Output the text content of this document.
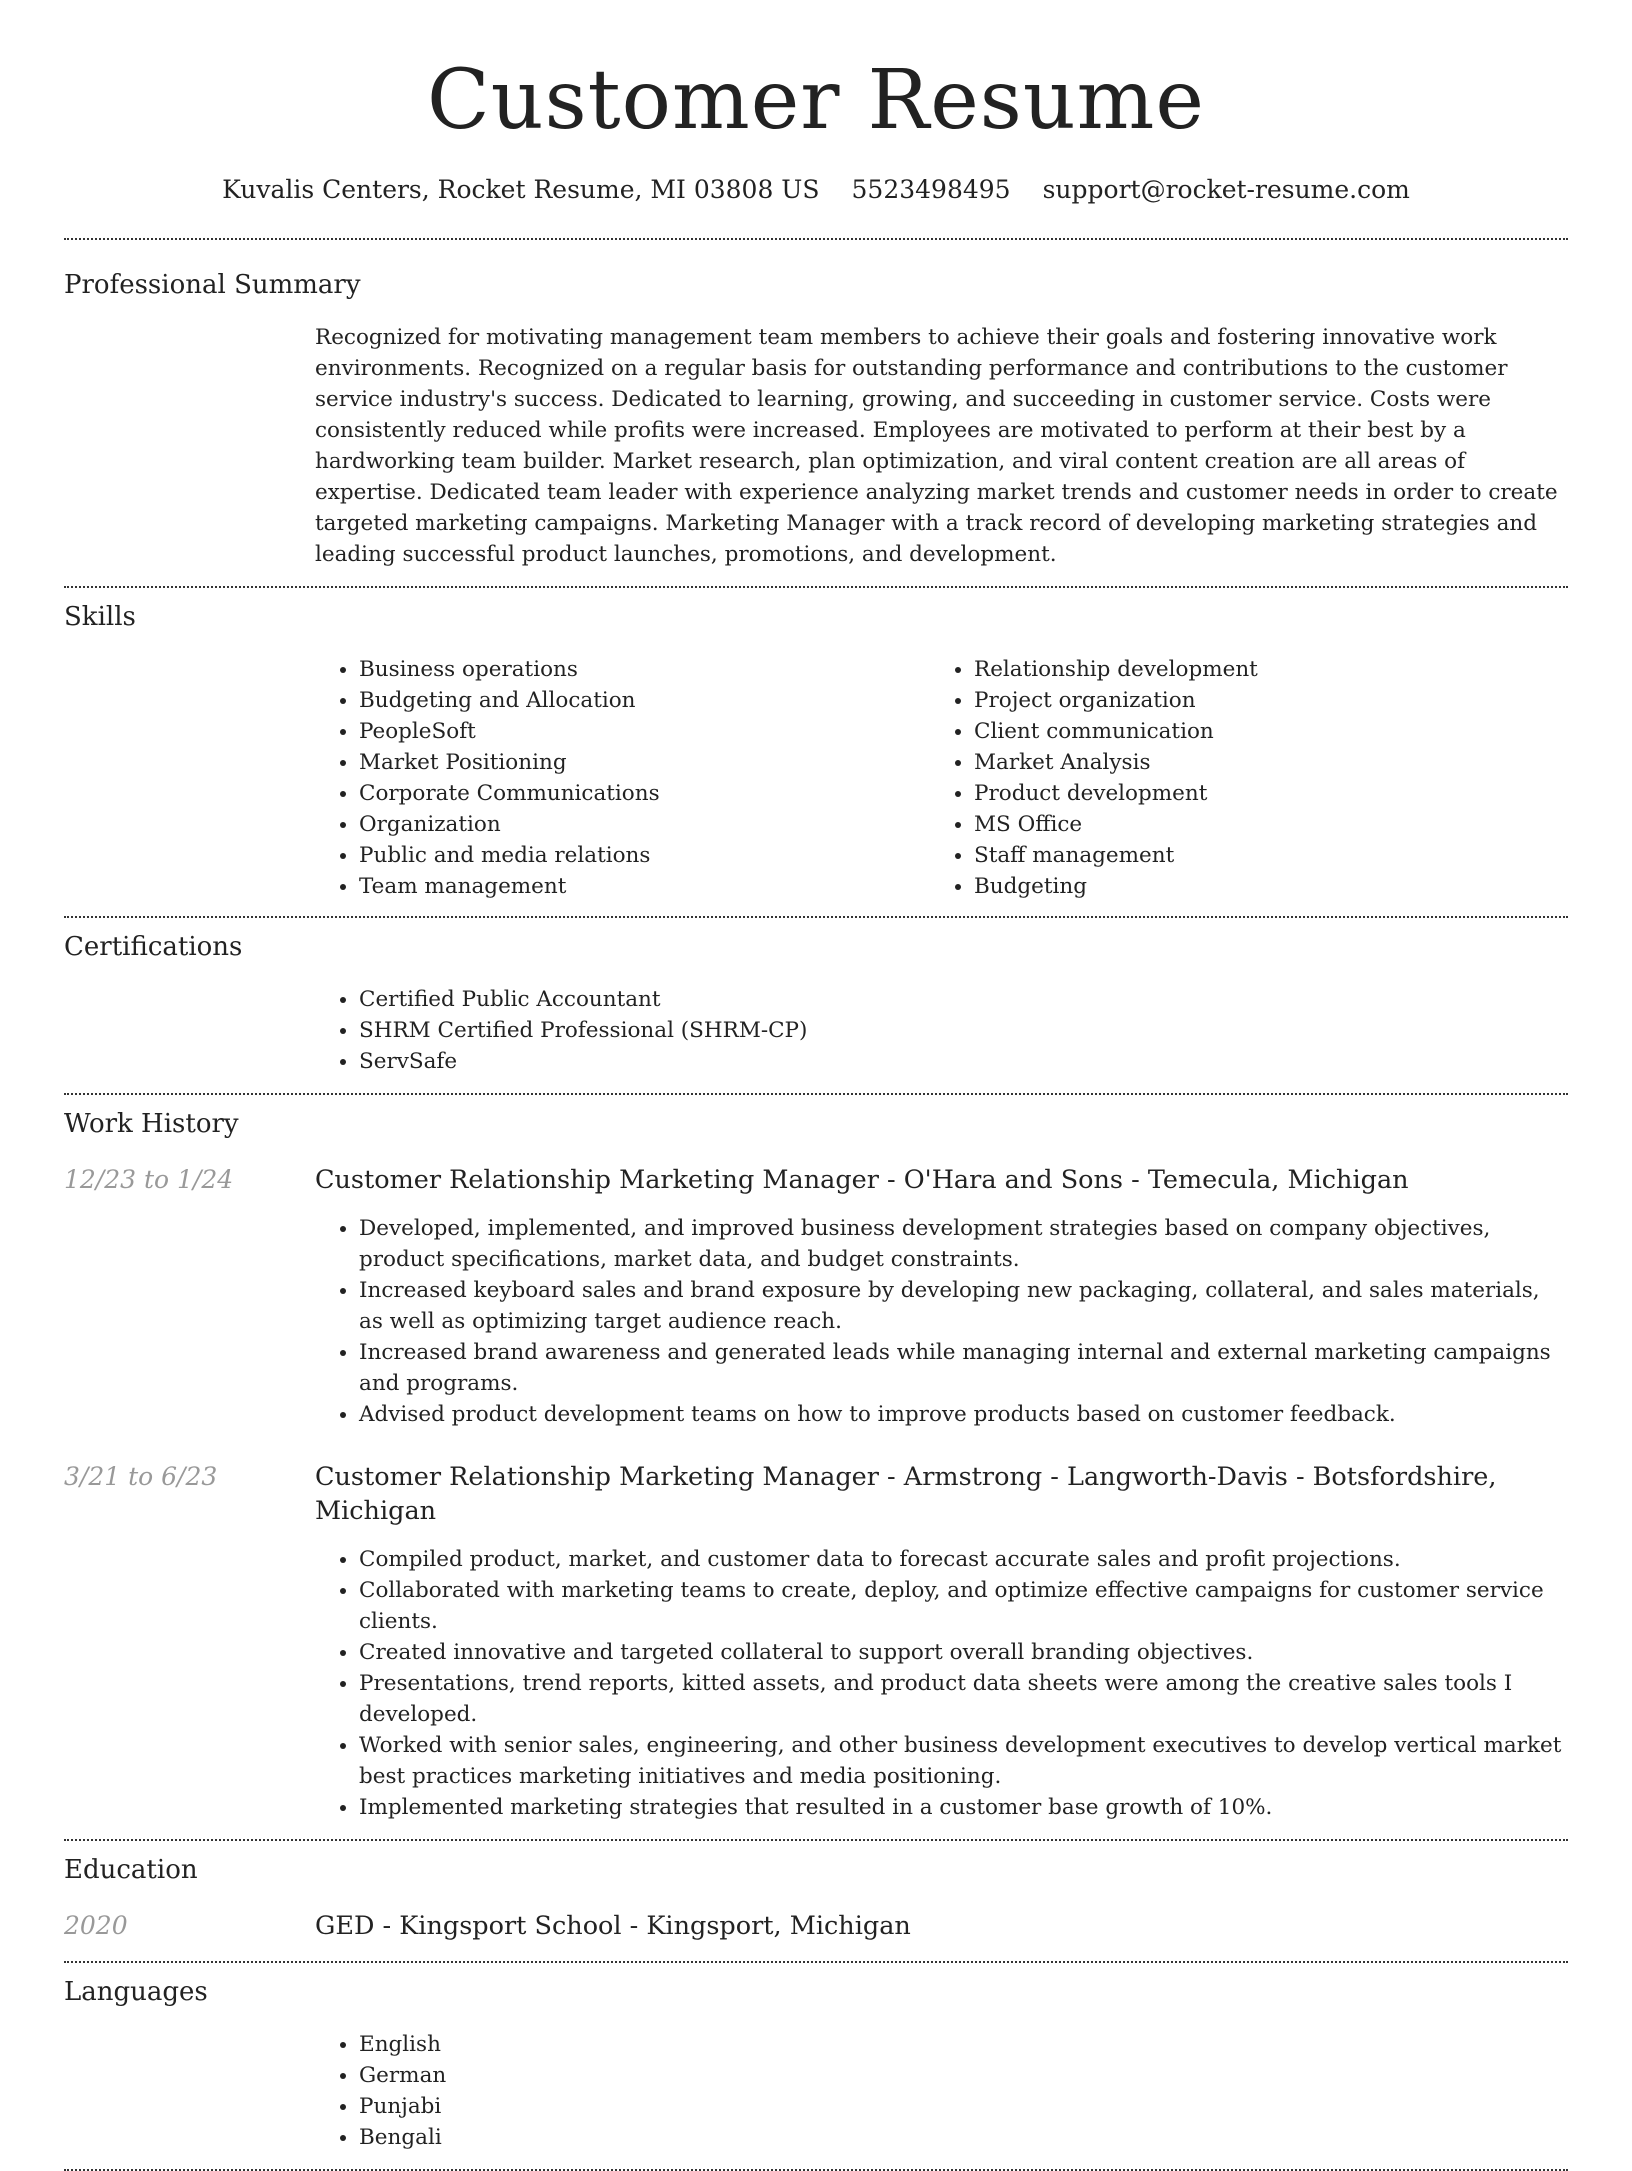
Customer Resume
Kuvalis Centers, Rocket Resume, MI 03808 US 5523498495 support@rocket-resume.com
Professional Summary

Recognized for motivating management team members to achieve their goals and fostering innovative work environments. Recognized on a regular basis for outstanding performance and contributions to the customer service industry's success. Dedicated to learning, growing, and succeeding in customer service. Costs were consistently reduced while profits were increased. Employees are motivated to perform at their best by a hardworking team builder. Market research, plan optimization, and viral content creation are all areas of expertise. Dedicated team leader with experience analyzing market trends and customer needs in order to create targeted marketing campaigns. Marketing Manager with a track record of developing marketing strategies and leading successful product launches, promotions, and development.

Skills
• Business operations
• Budgeting and Allocation
• PeopleSoft
• Market Positioning
• Corporate Communications
• Organization
• Public and media relations
• Team management
• Relationship development
• Project organization
• Client communication
• Market Analysis
• Product development
• MS Office
• Staff management
• Budgeting
Certifications
• Certified Public Accountant
• SHRM Certified Professional (SHRM-CP)
• ServSafe
Work History
12/23 to 1/24	Customer Relationship Marketing Manager - O'Hara and Sons - Temecula, Michigan
• Developed, implemented, and improved business development strategies based on company objectives, product specifications, market data, and budget constraints.
• Increased keyboard sales and brand exposure by developing new packaging, collateral, and sales materials, as well as optimizing target audience reach.
• Increased brand awareness and generated leads while managing internal and external marketing campaigns and programs.
• Advised product development teams on how to improve products based on customer feedback.
3/21 to 6/23	Customer Relationship Marketing Manager - Armstrong - Langworth-Davis - Botsfordshire, Michigan
• Compiled product, market, and customer data to forecast accurate sales and profit projections.
• Collaborated with marketing teams to create, deploy, and optimize effective campaigns for customer service clients.
• Created innovative and targeted collateral to support overall branding objectives.
• Presentations, trend reports, kitted assets, and product data sheets were among the creative sales tools I developed.
• Worked with senior sales, engineering, and other business development executives to develop vertical market best practices marketing initiatives and media positioning.
• Implemented marketing strategies that resulted in a customer base growth of 10%.
Education
2020	GED - Kingsport School - Kingsport, Michigan
Languages
• English
• German
• Punjabi
• Bengali
